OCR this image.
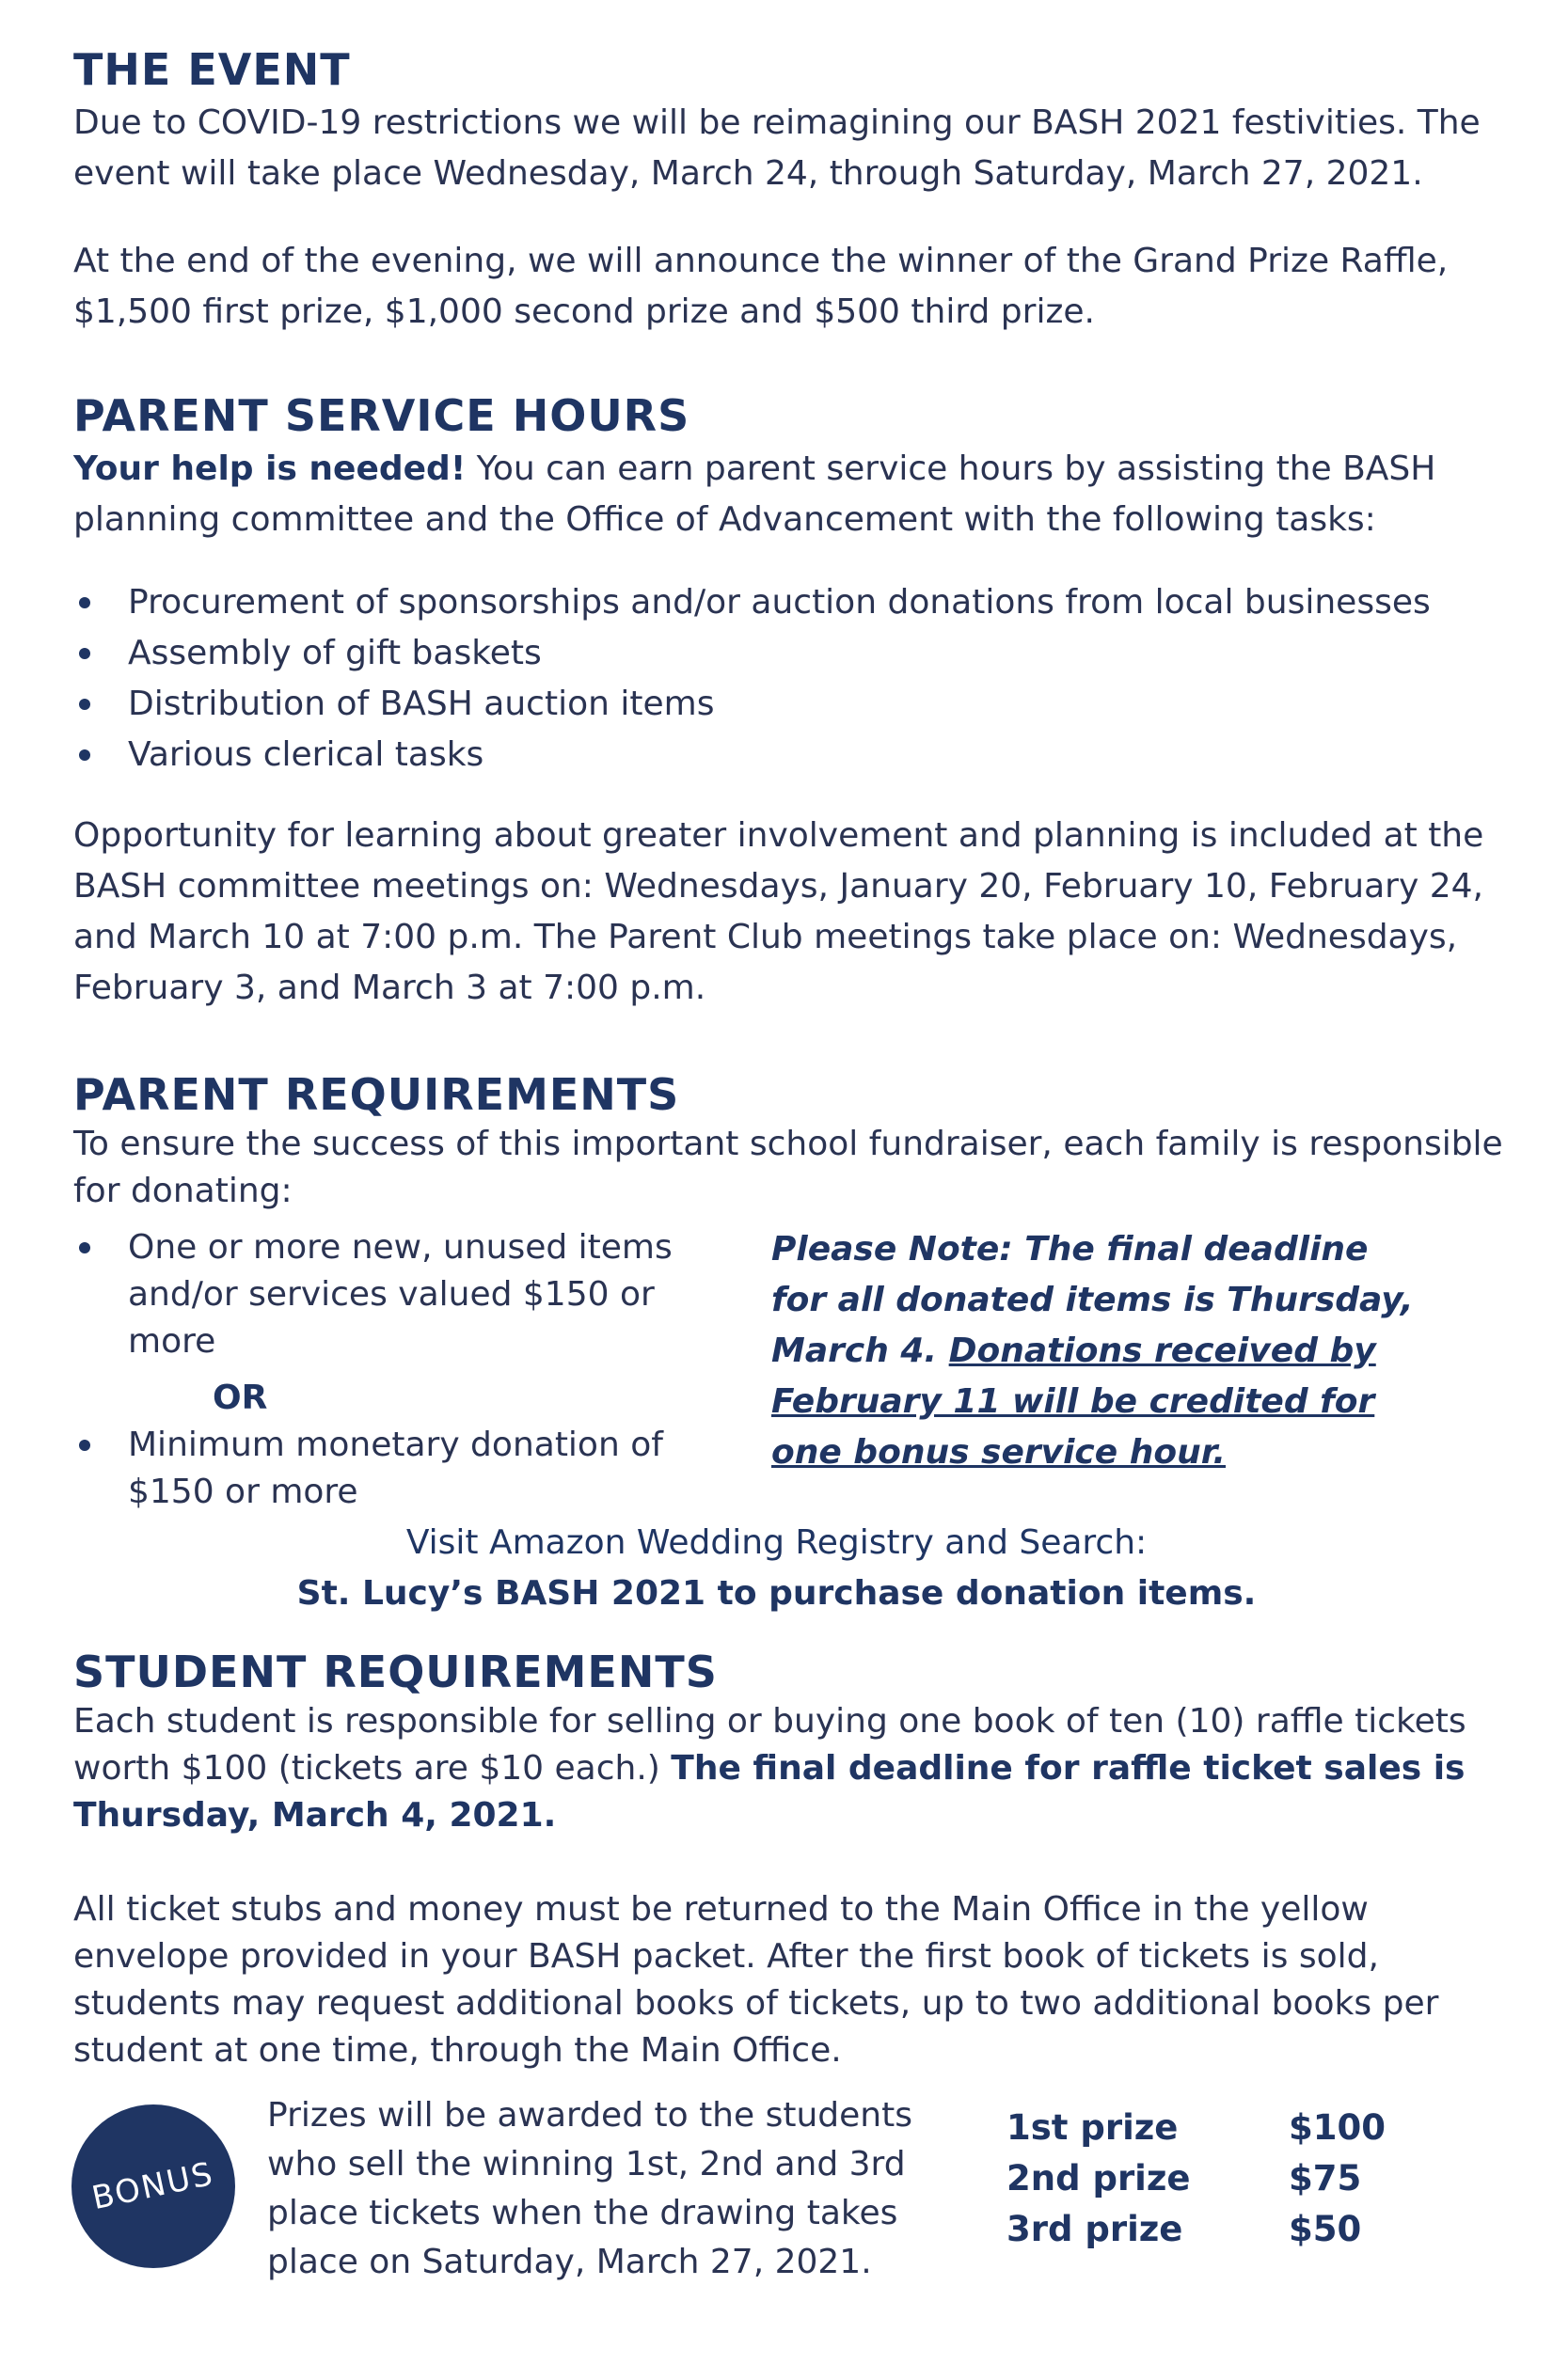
THE EVENT

Due to COVID-19 restrictions we will be reimagining our BASH 2021 festivities. The event will take place Wednesday, March 24, through Saturday, March 27, 2021.

At the end of the evening, we will announce the winner of the Grand Prize Raffle, $1,500 first prize, $1,000 second prize and $500 third prize.

PARENT SERVICE HOURS

Your help is needed! You can earn parent service hours by assisting the BASH planning committee and the Office of Advancement with the following tasks:

Procurement of sponsorships and/or auction donations from local businesses
Assembly of gift baskets
Distribution of BASH auction items
Various clerical tasks

Opportunity for learning about greater involvement and planning is included at the BASH committee meetings on: Wednesdays, January 20, February 10, February 24, and March 10 at 7:00 p.m. The Parent Club meetings take place on: Wednesdays, February 3, and March 3 at 7:00 p.m.

PARENT REQUIREMENTS

To ensure the success of this important school fundraiser, each family is responsible for donating:

One or more new, unused items and/or services valued $150 or more
OR
Minimum monetary donation of $150 or more
Please Note: The final deadline for all donated items is Thursday, March 4. Donations received by February 11 will be credited for one bonus service hour.
Visit Amazon Wedding Registry and Search:
St. Lucy’s BASH 2021 to purchase donation items.
STUDENT REQUIREMENTS

Each student is responsible for selling or buying one book of ten (10) raffle tickets worth $100 (tickets are $10 each.) The final deadline for raffle ticket sales is Thursday, March 4, 2021.

All ticket stubs and money must be returned to the Main Office in the yellow envelope provided in your BASH packet. After the first book of tickets is sold, students may request additional books of tickets, up to two additional books per student at one time, through the Main Office.

BONUS

Prizes will be awarded to the students who sell the winning 1st, 2nd and 3rd place tickets when the drawing takes place on Saturday, March 27, 2021.

1st prize	$100
2nd prize	$75
3rd prize	$50
